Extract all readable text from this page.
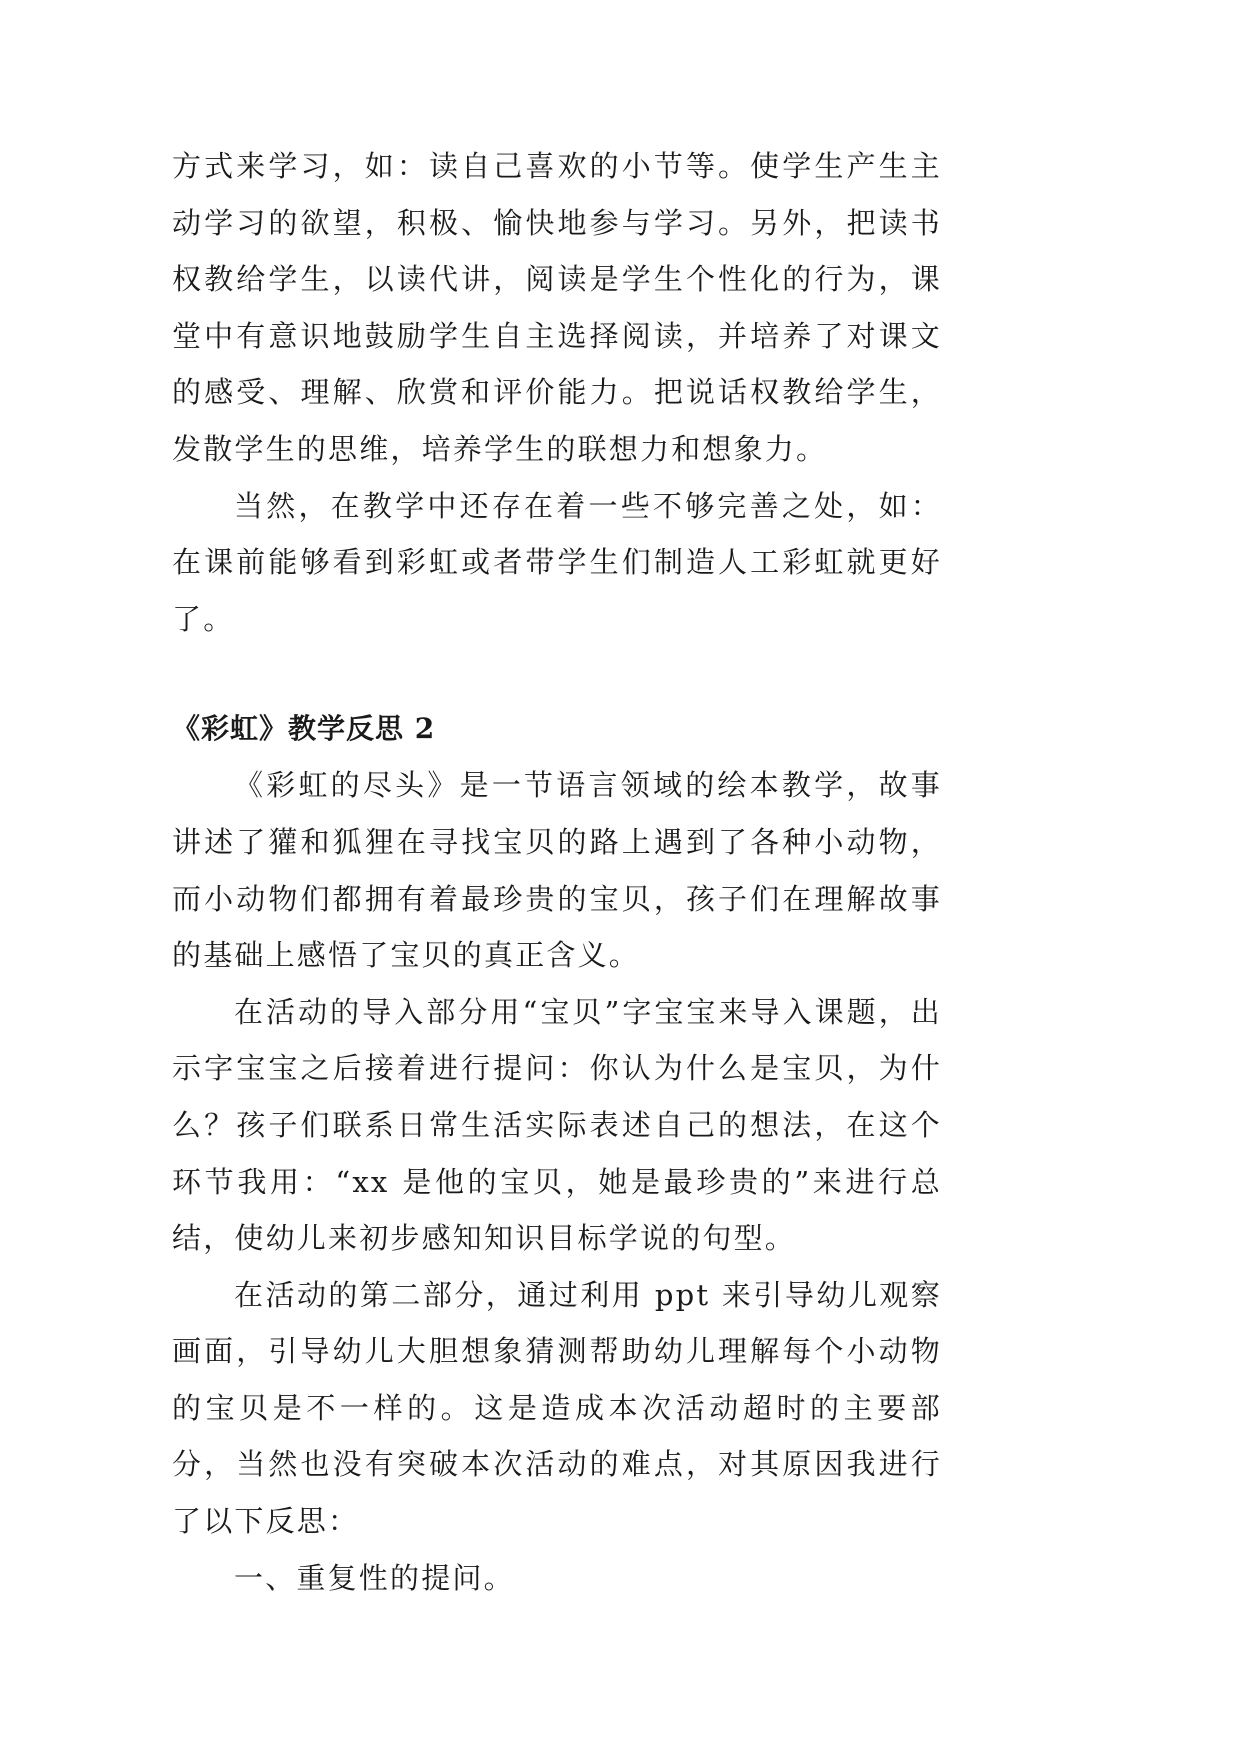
方式来学习，如：读自己喜欢的小节等。使学生产生主动学习的欲望，积极、愉快地参与学习。另外，把读书权教给学生，以读代讲，阅读是学生个性化的行为，课堂中有意识地鼓励学生自主选择阅读，并培养了对课文的感受、理解、欣赏和评价能力。把说话权教给学生，发散学生的思维，培养学生的联想力和想象力。

当然，在教学中还存在着一些不够完善之处，如：在课前能够看到彩虹或者带学生们制造人工彩虹就更好了。

《彩虹》教学反思 2

《彩虹的尽头》是一节语言领域的绘本教学，故事讲述了獾和狐狸在寻找宝贝的路上遇到了各种小动物，而小动物们都拥有着最珍贵的宝贝，孩子们在理解故事的基础上感悟了宝贝的真正含义。

在活动的导入部分用“宝贝”字宝宝来导入课题，出示字宝宝之后接着进行提问：你认为什么是宝贝，为什么？孩子们联系日常生活实际表述自己的想法，在这个环节我用：“xx 是他的宝贝，她是最珍贵的”来进行总结，使幼儿来初步感知知识目标学说的句型。

在活动的第二部分，通过利用 ppt 来引导幼儿观察画面，引导幼儿大胆想象猜测帮助幼儿理解每个小动物的宝贝是不一样的。这是造成本次活动超时的主要部分，当然也没有突破本次活动的难点，对其原因我进行了以下反思：

一、重复性的提问。
